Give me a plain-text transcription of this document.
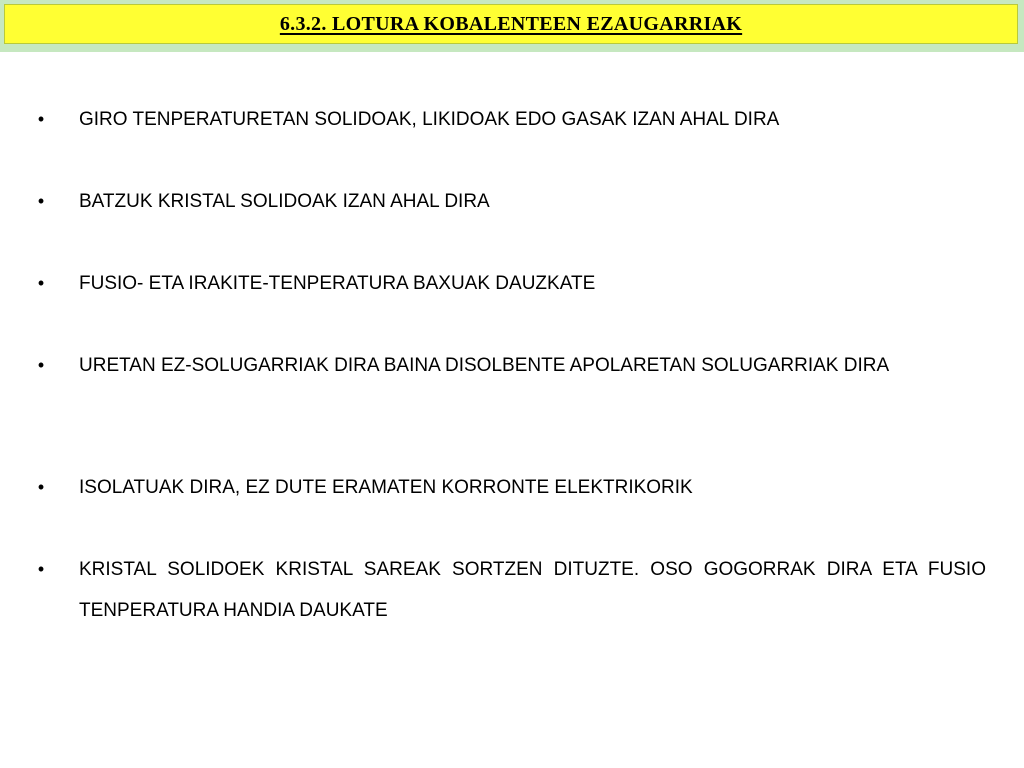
6.3.2. LOTURA KOBALENTEEN EZAUGARRIAK
• GIRO TENPERATURETAN SOLIDOAK, LIKIDOAK EDO GASAK IZAN AHAL DIRA
• BATZUK KRISTAL SOLIDOAK IZAN AHAL DIRA
• FUSIO- ETA IRAKITE-TENPERATURA BAXUAK DAUZKATE
• URETAN EZ-SOLUGARRIAK DIRA BAINA DISOLBENTE APOLARETAN SOLUGARRIAK DIRA
• ISOLATUAK DIRA, EZ DUTE ERAMATEN KORRONTE ELEKTRIKORIK
• KRISTAL SOLIDOEK KRISTAL SAREAK SORTZEN DITUZTE. OSO GOGORRAK DIRA ETA FUSIO TENPERATURA HANDIA DAUKATE
